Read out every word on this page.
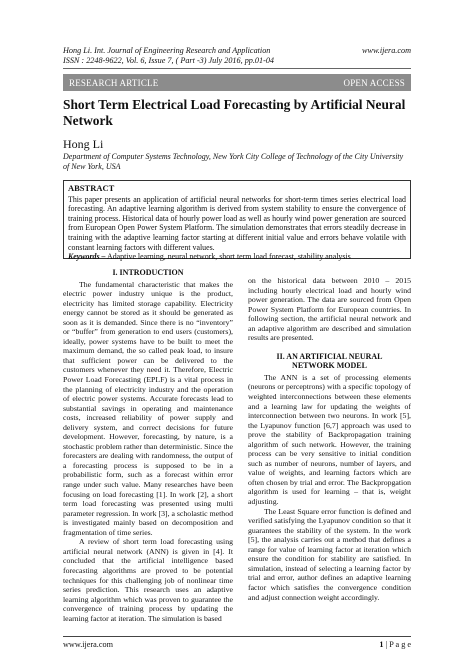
Hong Li. Int. Journal of Engineering Research and Application	www.ijera.com
ISSN : 2248-9622, Vol. 6, Issue 7, ( Part -3) July 2016, pp.01-04
RESEARCH ARTICLE	OPEN ACCESS
Short Term Electrical Load Forecasting by Artificial Neural Network
Hong Li
Department of Computer Systems Technology, New York City College of Technology of the City University of New York, USA
ABSTRACT
This paper presents an application of artificial neural networks for short-term times series electrical load forecasting. An adaptive learning algorithm is derived from system stability to ensure the convergence of training process. Historical data of hourly power load as well as hourly wind power generation are sourced from European Open Power System Platform. The simulation demonstrates that errors steadily decrease in training with the adaptive learning factor starting at different initial value and errors behave volatile with constant learning factors with different values.
Keywords – Adaptive learning, neural network, short term load forecast, stability analysis
I. INTRODUCTION

The fundamental characteristic that makes the electric power industry unique is the product, electricity has limited storage capability. Electricity energy cannot be stored as it should be generated as soon as it is demanded. Since there is no “inventory” or “buffer” from generation to end users (customers), ideally, power systems have to be built to meet the maximum demand, the so called peak load, to insure that sufficient power can be delivered to the customers whenever they need it. Therefore, Electric Power Load Forecasting (EPLF) is a vital process in the planning of electricity industry and the operation of electric power systems. Accurate forecasts lead to substantial savings in operating and maintenance costs, increased reliability of power supply and delivery system, and correct decisions for future development. However, forecasting, by nature, is a stochastic problem rather than deterministic. Since the forecasters are dealing with randomness, the output of a forecasting process is supposed to be in a probabilistic form, such as a forecast within error range under such value. Many researches have been focusing on load forecasting [1]. In work [2], a short term load forecasting was presented using multi parameter regression. In work [3], a scholastic method is investigated mainly based on decomposition and fragmentation of time series.

A review of short term load forecasting using artificial neural network (ANN) is given in [4]. It concluded that the artificial intelligence based forecasting algorithms are proved to be potential techniques for this challenging job of nonlinear time series prediction. This research uses an adaptive learning algorithm which was proven to guarantee the convergence of training process by updating the learning factor at iteration. The simulation is based

on the historical data between 2010 – 2015 including hourly electrical load and hourly wind power generation. The data are sourced from Open Power System Platform for European countries. In following section, the artificial neural network and an adaptive algorithm are described and simulation results are presented.

II. AN ARTIFICIAL NEURAL
NETWORK MODEL

The ANN is a set of processing elements (neurons or perceptrons) with a specific topology of weighted interconnections between these elements and a learning law for updating the weights of interconnection between two neurons. In work [5], the Lyapunov function [6,7] approach was used to prove the stability of Backpropagation training algorithm of such network. However, the training process can be very sensitive to initial condition such as number of neurons, number of layers, and value of weights, and learning factors which are often chosen by trial and error. The Backpropgation algorithm is used for learning – that is, weight adjusting.

The Least Square error function is defined and verified satisfying the Lyapunov condition so that it guarantees the stability of the system. In the work [5], the analysis carries out a method that defines a range for value of learning factor at iteration which ensure the condition for stability are satisfied. In simulation, instead of selecting a learning factor by trial and error, author defines an adaptive learning factor which satisfies the convergence condition and adjust connection weight accordingly.

www.ijera.com	1 | P a g e
